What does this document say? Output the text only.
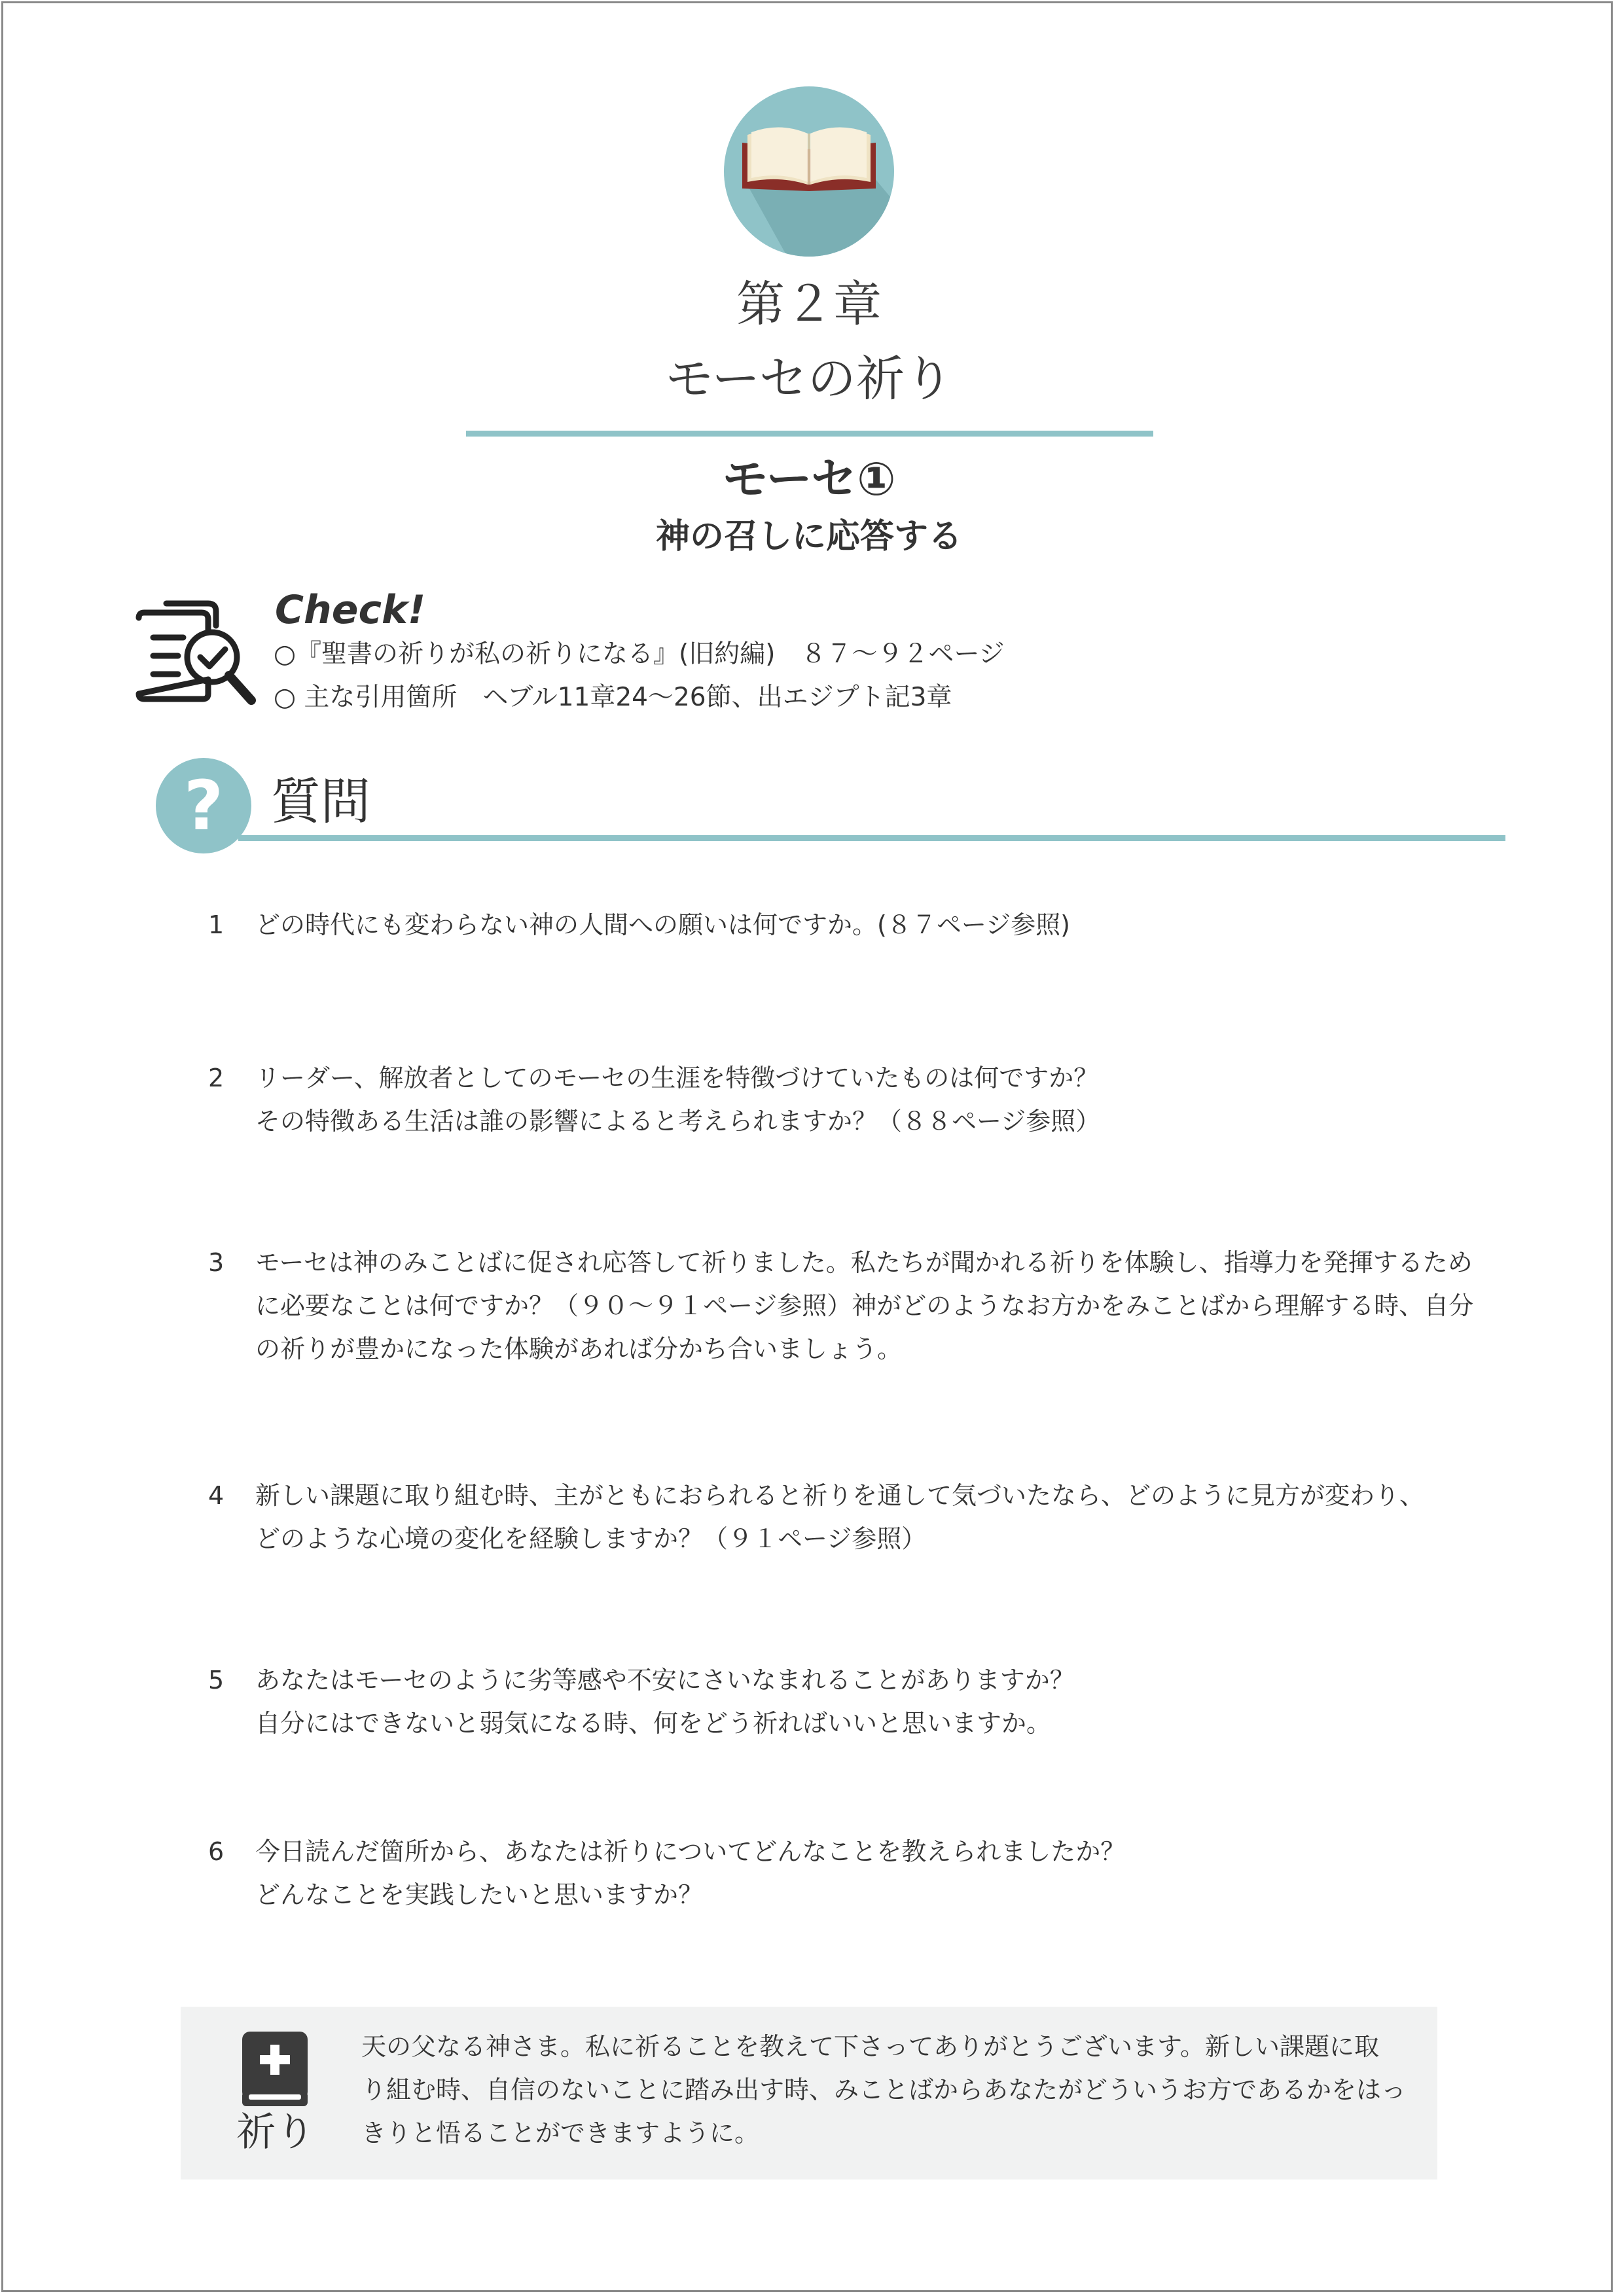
第２章
モーセの祈り
モーセ①
神の召しに応答する
Check!
○『聖書の祈りが私の祈りになる』(旧約編)　８７～９２ページ
○ 主な引用箇所　ヘブル11章24～26節、出エジプト記3章
? 質問
1 どの時代にも変わらない神の人間への願いは何ですか。(８７ページ参照)
2 リーダー、解放者としてのモーセの生涯を特徴づけていたものは何ですか？
その特徴ある生活は誰の影響によると考えられますか？（８８ページ参照）
3 モーセは神のみことばに促され応答して祈りました。私たちが聞かれる祈りを体験し、指導力を発揮するため
に必要なことは何ですか？（９０～９１ページ参照）神がどのようなお方かをみことばから理解する時、自分
の祈りが豊かになった体験があれば分かち合いましょう。
4 新しい課題に取り組む時、主がともにおられると祈りを通して気づいたなら、どのように見方が変わり、
どのような心境の変化を経験しますか？（９１ページ参照）
5 あなたはモーセのように劣等感や不安にさいなまれることがありますか？
自分にはできないと弱気になる時、何をどう祈ればいいと思いますか。
6 今日読んだ箇所から、あなたは祈りについてどんなことを教えられましたか？
どんなことを実践したいと思いますか？
祈り
天の父なる神さま。私に祈ることを教えて下さってありがとうございます。新しい課題に取
り組む時、自信のないことに踏み出す時、みことばからあなたがどういうお方であるかをはっ
きりと悟ることができますように。
